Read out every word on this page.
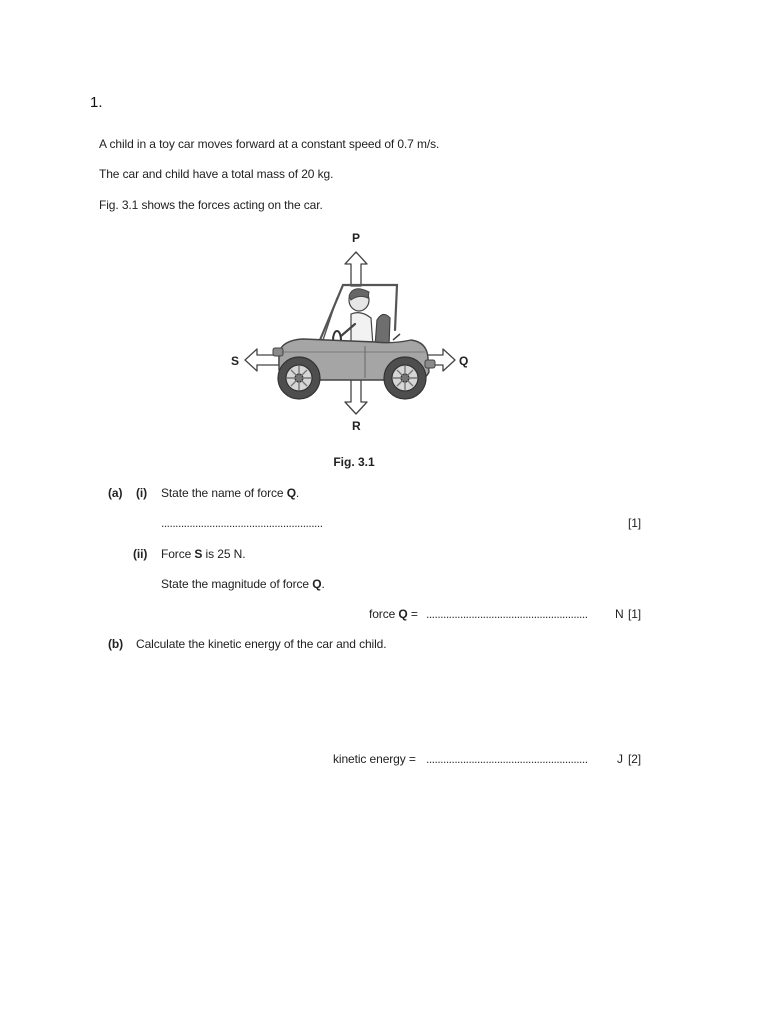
1.
A child in a toy car moves forward at a constant speed of 0.7 m/s.
The car and child have a total mass of 20 kg.
Fig. 3.1 shows the forces acting on the car.
P
R
S	Q
Fig. 3.1
(a) (i) State the name of force Q.
.........................................................	[1]
(ii) Force S is 25 N.
State the magnitude of force Q.
force Q = ......................................................... N [1]
(b) Calculate the kinetic energy of the car and child.
kinetic energy = ......................................................... J [2]
